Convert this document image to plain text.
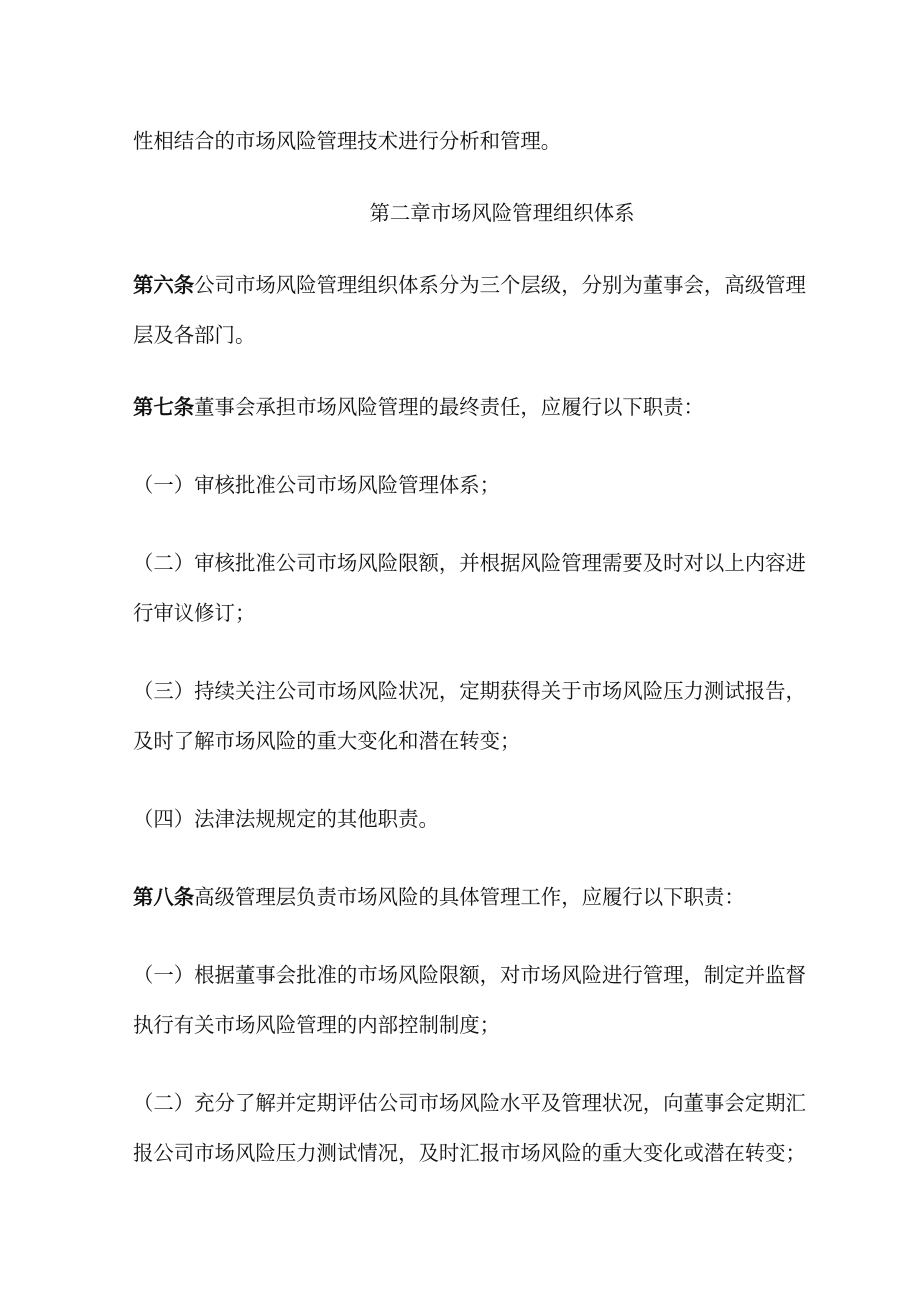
性相结合的市场风险管理技术进行分析和管理。

第二章市场风险管理组织体系

第六条公司市场风险管理组织体系分为三个层级，分别为董事会，高级管理

层及各部门。

第七条董事会承担市场风险管理的最终责任，应履行以下职责：

（一）审核批准公司市场风险管理体系；

（二）审核批准公司市场风险限额，并根据风险管理需要及时对以上内容进

行审议修订；

（三）持续关注公司市场风险状况，定期获得关于市场风险压力测试报告，

及时了解市场风险的重大变化和潜在转变；

（四）法津法规规定的其他职责。

第八条高级管理层负责市场风险的具体管理工作，应履行以下职责：

（一）根据董事会批准的市场风险限额，对市场风险进行管理，制定并监督

执行有关市场风险管理的内部控制制度；

（二）充分了解并定期评估公司市场风险水平及管理状况，向董事会定期汇

报公司市场风险压力测试情况，及时汇报市场风险的重大变化或潜在转变；
